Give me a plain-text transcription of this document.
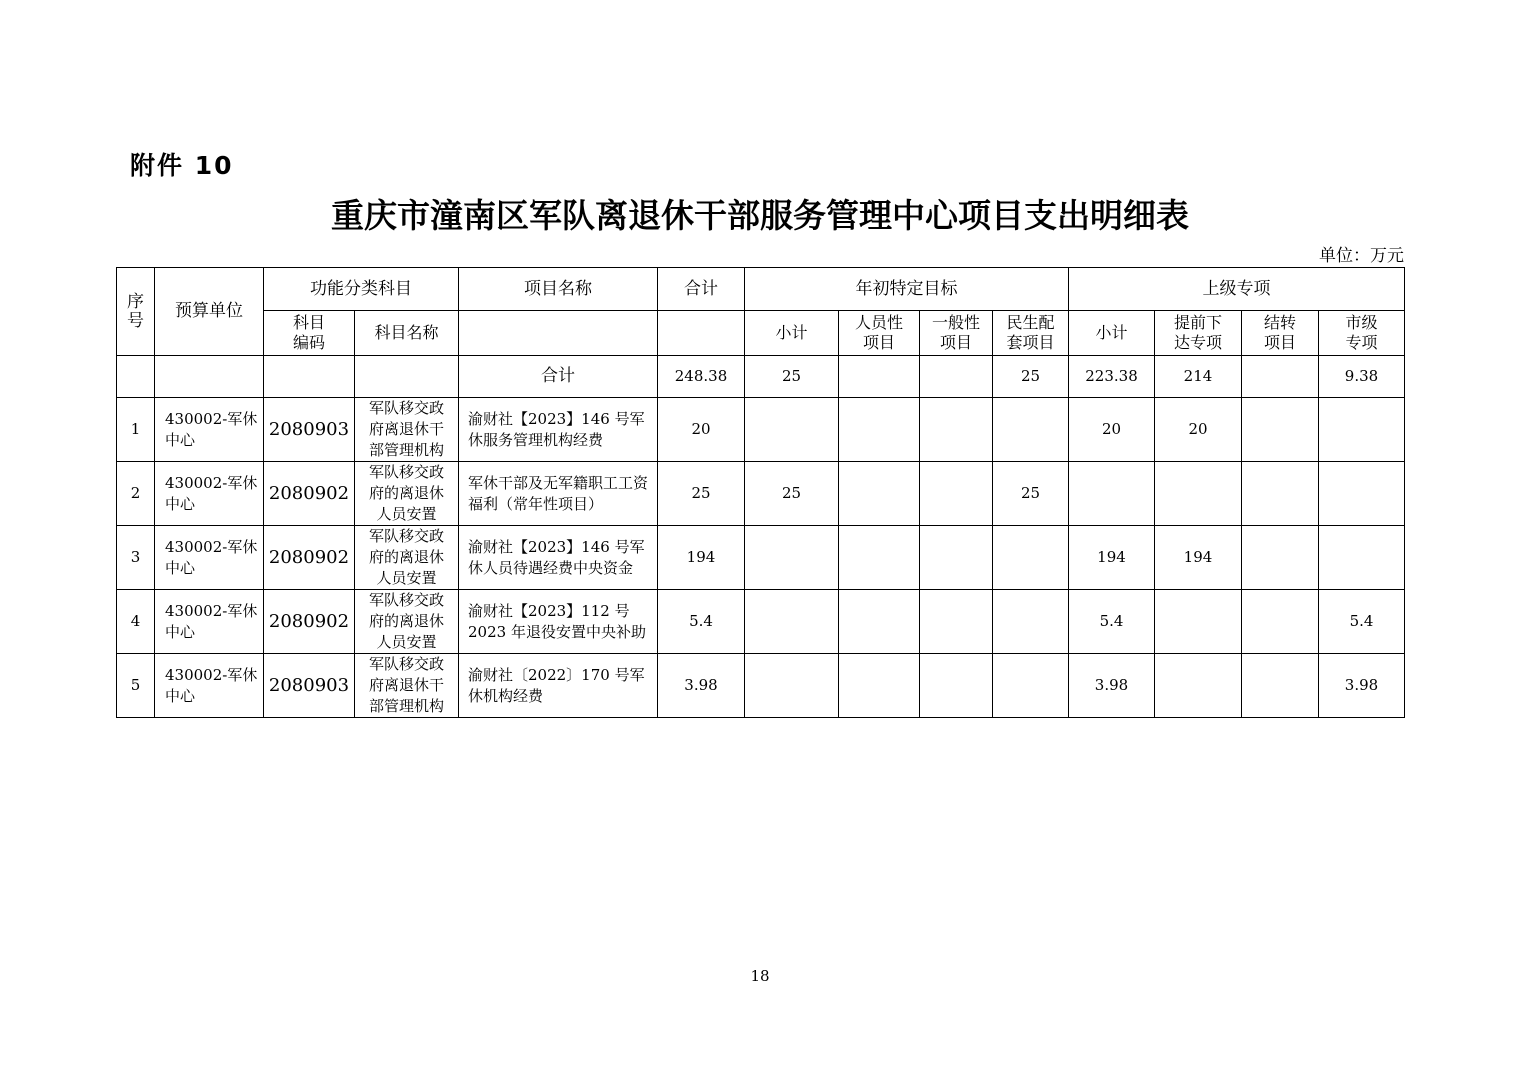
附件 10
重庆市潼南区军队离退休干部服务管理中心项目支出明细表
单位：万元
序号	预算单位	功能分类科目		项目名称	合计	年初特定目标				上级专项			
		科目编码	科目名称			小计	人员性项目	一般性项目	民生配套项目	小计	提前下达专项	结转项目	市级专项
				合计	248.38	25			25	223.38	214		9.38
1	430002-军休中心	2080903	军队移交政府离退休干部管理机构	渝财社【2023】146 号军休服务管理机构经费	20					20	20		
2	430002-军休中心	2080902	军队移交政府的离退休人员安置	军休干部及无军籍职工工资福利（常年性项目）	25	25			25				
3	430002-军休中心	2080902	军队移交政府的离退休人员安置	渝财社【2023】146 号军休人员待遇经费中央资金	194					194	194		
4	430002-军休中心	2080902	军队移交政府的离退休人员安置	渝财社【2023】112 号 2023 年退役安置中央补助	5.4					5.4			5.4
5	430002-军休中心	2080903	军队移交政府离退休干部管理机构	渝财社〔2022〕170 号军休机构经费	3.98					3.98			3.98
18
